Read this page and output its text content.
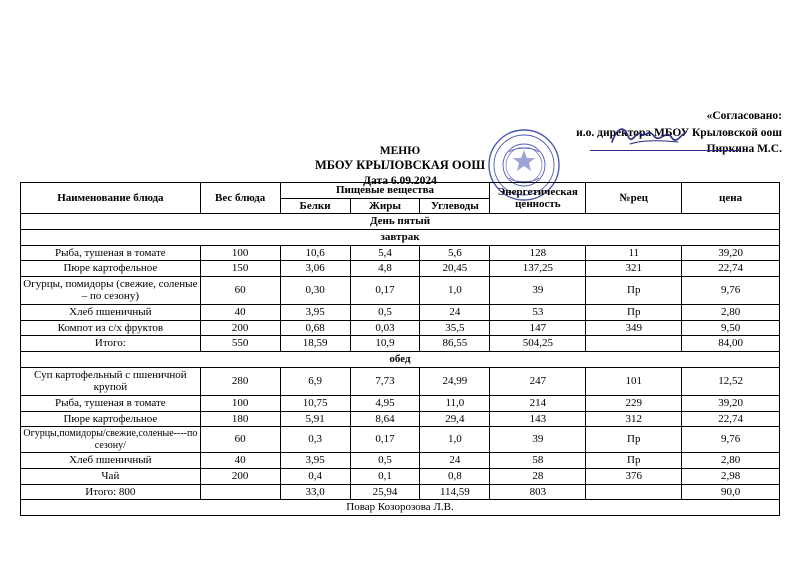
«Согласовано:
и.о. директора МБОУ Крыловской оош
Пиркина М.С.
МЕНЮ
МБОУ КРЫЛОВСКАЯ ООШ
Дата 6.09.2024
Наименование блюда	Вес блюда	Пищевые вещества			Энергетическая ценность	№рец	цена
		Белки	Жиры	Углеводы			
День пятый							
завтрак							
Рыба, тушеная в томате	100	10,6	5,4	5,6	128	11	39,20
Пюре картофельное	150	3,06	4,8	20,45	137,25	321	22,74
Огурцы, помидоры (свежие, соленые – по сезону)	60	0,30	0,17	1,0	39	Пр	9,76
Хлеб пшеничный	40	3,95	0,5	24	53	Пр	2,80
Компот из с/х фруктов	200	0,68	0,03	35,5	147	349	9,50
Итого:	550	18,59	10,9	86,55	504,25		84,00
обед							
Суп картофельный с пшеничной крупой	280	6,9	7,73	24,99	247	101	12,52
Рыба, тушеная в томате	100	10,75	4,95	11,0	214	229	39,20
Пюре картофельное	180	5,91	8,64	29,4	143	312	22,74
Огурцы,помидоры/свежие,соленые----по сезону/	60	0,3	0,17	1,0	39	Пр	9,76
Хлеб пшеничный	40	3,95	0,5	24	58	Пр	2,80
Чай	200	0,4	0,1	0,8	28	376	2,98
Итого: 800		33,0	25,94	114,59	803		90,0
Повар Козорозова Л.В.							
